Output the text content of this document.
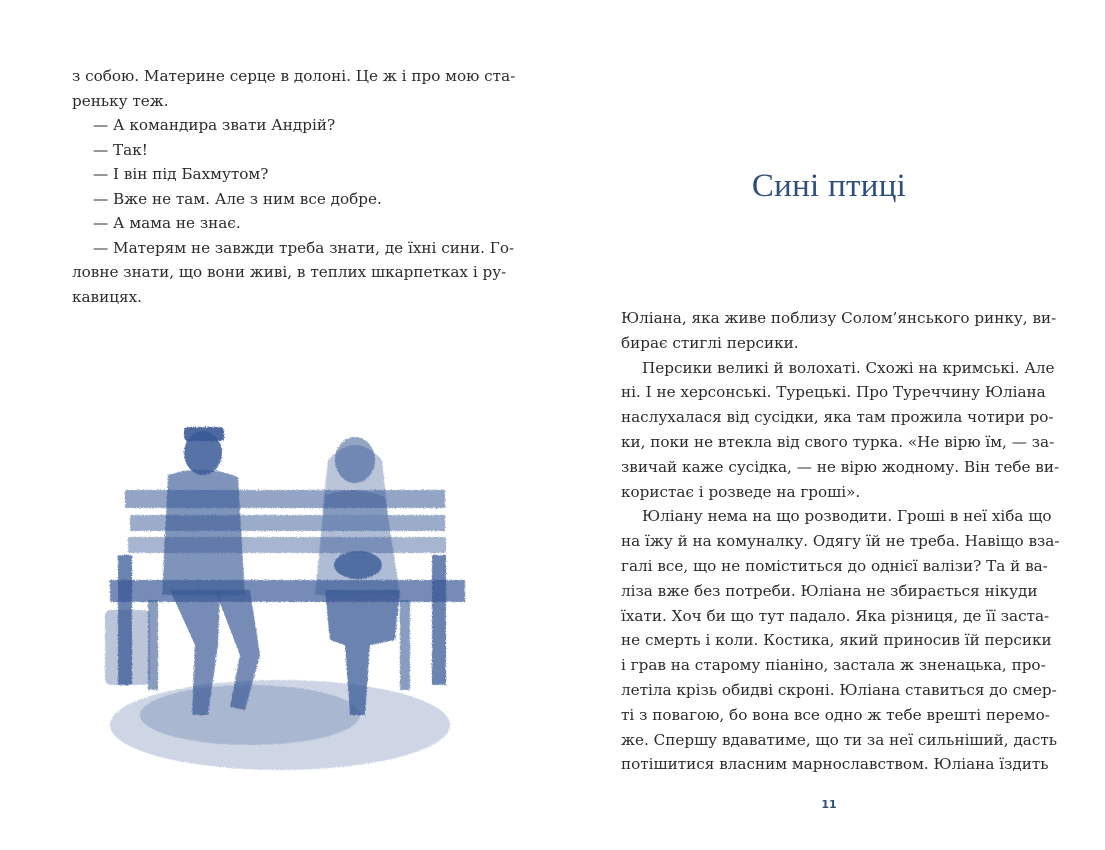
з собою. Материне серце в долоні. Це ж і про мою ста-
реньку теж.
— А командира звати Андрій?
— Так!
— І він під Бахмутом?
— Вже не там. Але з ним все добре.
— А мама не знає.
— Матерям не завжди треба знати, де їхні сини. Го-
ловне знати, що вони живі, в теплих шкарпетках і ру-
кавицях.
Сині птиці
Юліана, яка живе поблизу Солом’янського ринку, ви-
бирає стиглі персики.
Персики великі й волохаті. Схожі на кримські. Але
ні. І не херсонські. Турецькі. Про Туреччину Юліана
наслухалася від сусідки, яка там прожила чотири ро-
ки, поки не втекла від свого турка. «Не вірю їм, — за-
звичай каже сусідка, — не вірю жодному. Він тебе ви-
користає і розведе на гроші».
Юліану нема на що розводити. Гроші в неї хіба що
на їжу й на комуналку. Одягу їй не треба. Навіщо вза-
галі все, що не поміститься до однієї валізи? Та й ва-
ліза вже без потреби. Юліана не збирається нікуди
їхати. Хоч би що тут падало. Яка різниця, де її заста-
не смерть і коли. Костика, який приносив їй персики
і грав на старому піаніно, застала ж зненацька, про-
летіла крізь обидві скроні. Юліана ставиться до смер-
ті з повагою, бо вона все одно ж тебе врешті перемо-
же. Спершу вдаватиме, що ти за неї сильніший, дасть
потішитися власним марнославством. Юліана їздить
11
